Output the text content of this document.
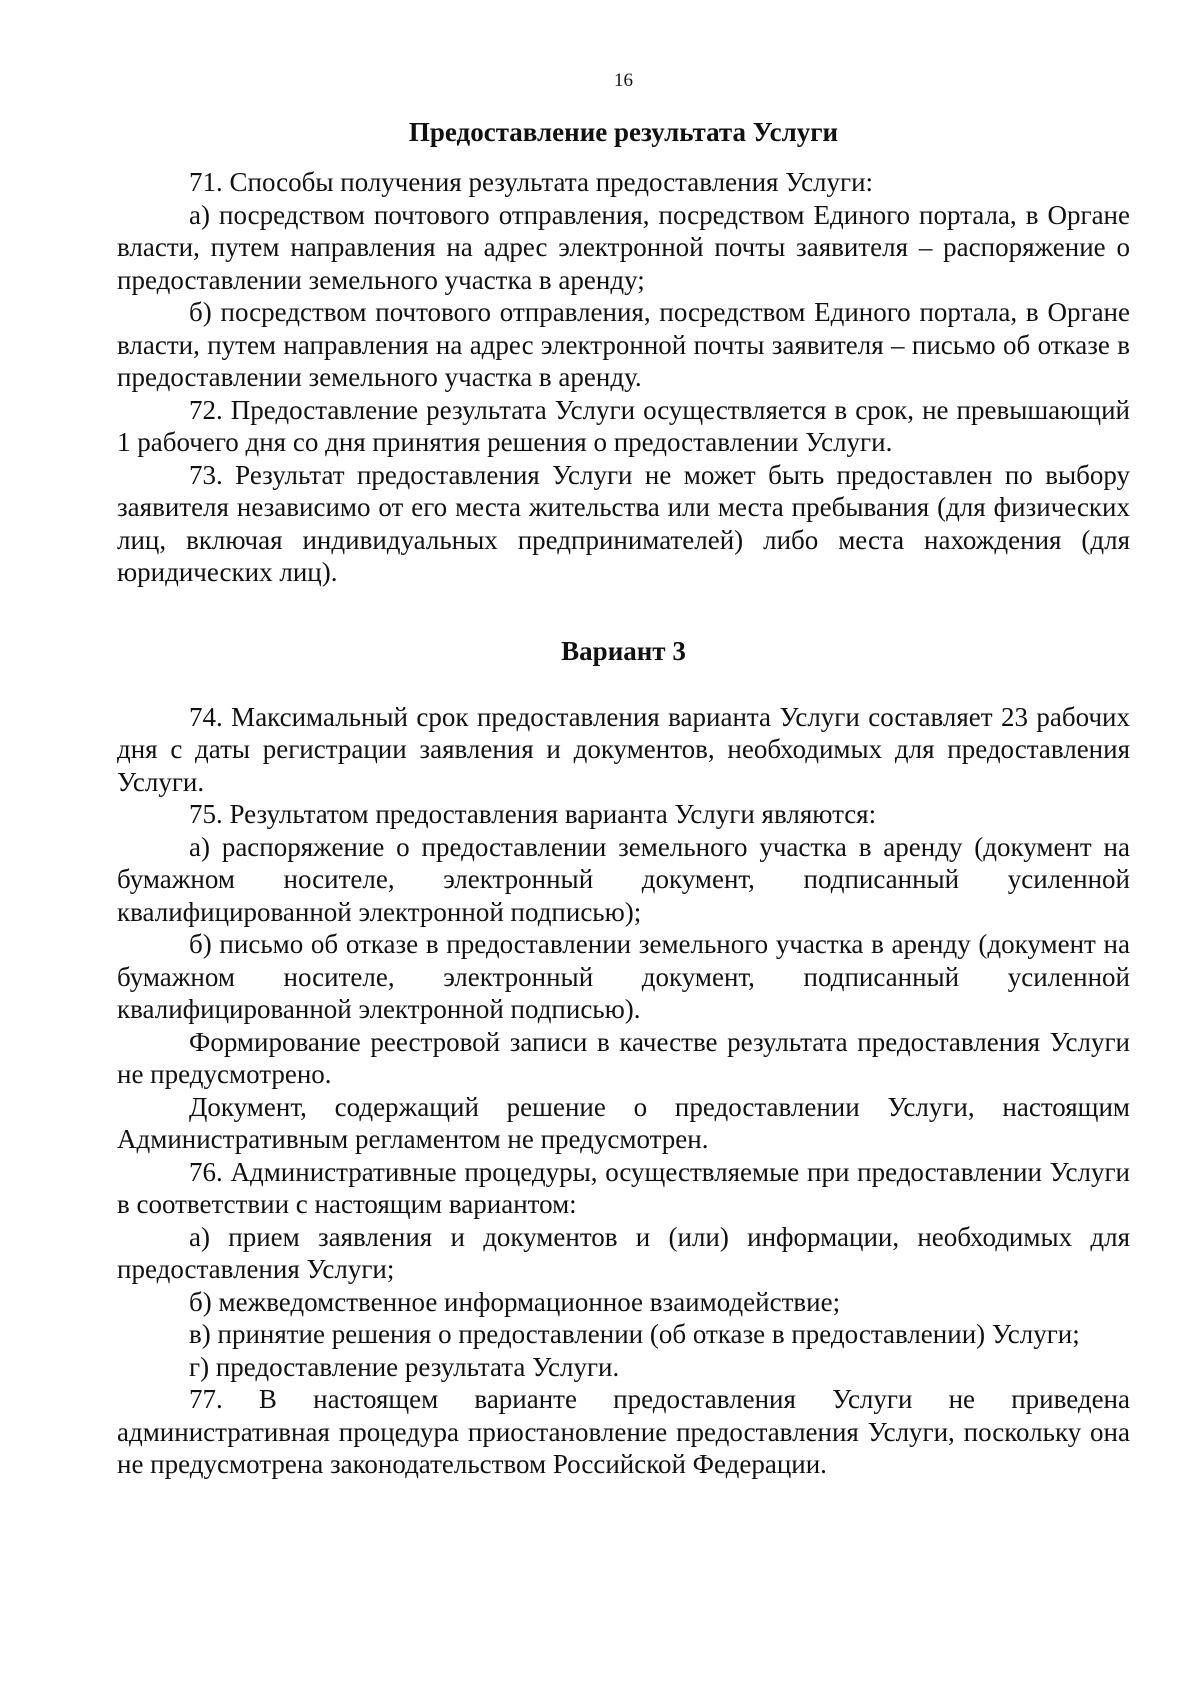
16
Предоставление результата Услуги

71. Способы получения результата предоставления Услуги:

а) посредством почтового отправления, посредством Единого портала, в Органе власти, путем направления на адрес электронной почты заявителя – распоряжение о предоставлении земельного участка в аренду;

б) посредством почтового отправления, посредством Единого портала, в Органе власти, путем направления на адрес электронной почты заявителя – письмо об отказе в предоставлении земельного участка в аренду.

72. Предоставление результата Услуги осуществляется в срок, не превышающий 1 рабочего дня со дня принятия решения о предоставлении Услуги.

73. Результат предоставления Услуги не может быть предоставлен по выбору заявителя независимо от его места жительства или места пребывания (для физических лиц, включая индивидуальных предпринимателей) либо места нахождения (для юридических лиц).

Вариант 3

74. Максимальный срок предоставления варианта Услуги составляет 23 рабочих дня с даты регистрации заявления и документов, необходимых для предоставления Услуги.

75. Результатом предоставления варианта Услуги являются:

а) распоряжение о предоставлении земельного участка в аренду (документ на бумажном носителе, электронный документ, подписанный усиленной квалифицированной электронной подписью);

б) письмо об отказе в предоставлении земельного участка в аренду (документ на бумажном носителе, электронный документ, подписанный усиленной квалифицированной электронной подписью).

Формирование реестровой записи в качестве результата предоставления Услуги не предусмотрено.

Документ, содержащий решение о предоставлении Услуги, настоящим Административным регламентом не предусмотрен.

76. Административные процедуры, осуществляемые при предоставлении Услуги в соответствии с настоящим вариантом:

а) прием заявления и документов и (или) информации, необходимых для предоставления Услуги;

б) межведомственное информационное взаимодействие;

в) принятие решения о предоставлении (об отказе в предоставлении) Услуги;

г) предоставление результата Услуги.

77. В настоящем варианте предоставления Услуги не приведена административная процедура приостановление предоставления Услуги, поскольку она не предусмотрена законодательством Российской Федерации.
